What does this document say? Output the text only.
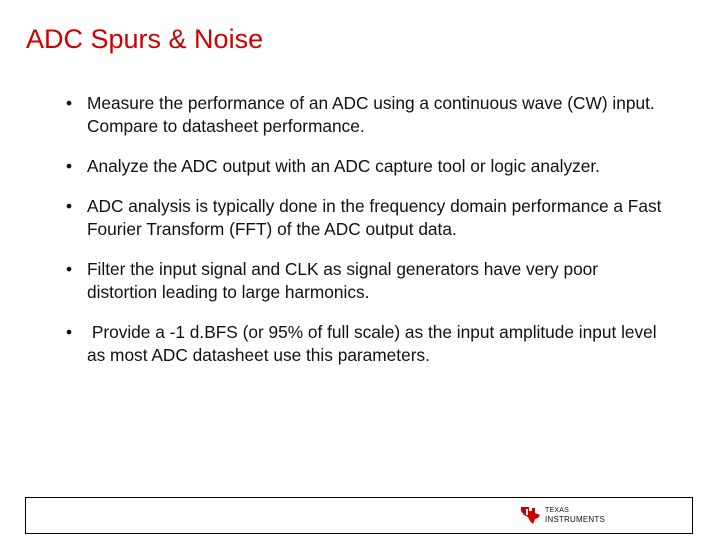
ADC Spurs & Noise
• Measure the performance of an ADC using a continuous wave (CW) input. Compare to datasheet performance.
• Analyze the ADC output with an ADC capture tool or logic analyzer.
• ADC analysis is typically done in the frequency domain performance a Fast Fourier Transform (FFT) of the ADC output data.
• Filter the input signal and CLK as signal generators have very poor distortion leading to large harmonics.
• Provide a -1 d.BFS (or 95% of full scale) as the input amplitude input level as most ADC datasheet use this parameters.
TEXAS
INSTRUMENTS
